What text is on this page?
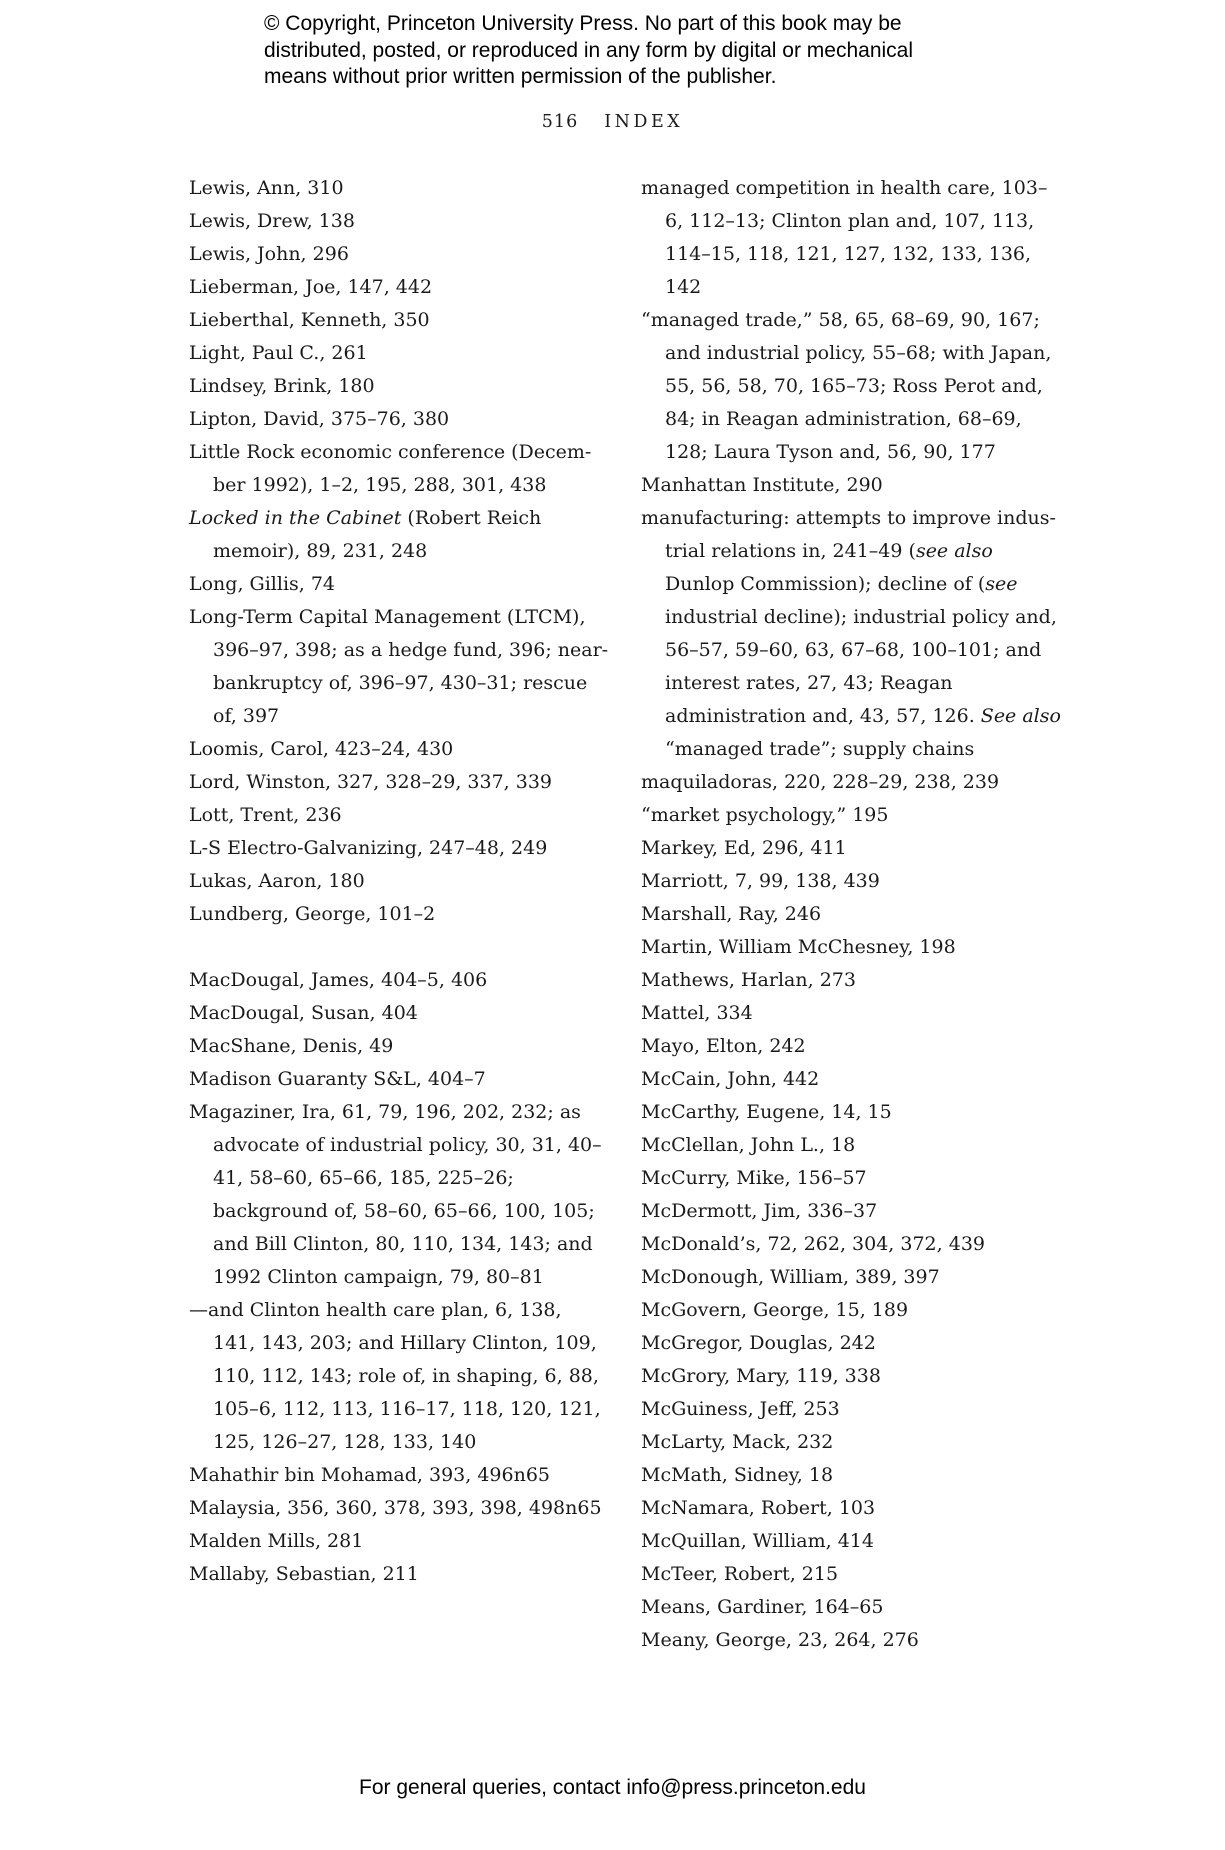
© Copyright, Princeton University Press. No part of this book may be
distributed, posted, or reproduced in any form by digital or mechanical
means without prior written permission of the publisher.
516 INDEX

Lewis, Ann, 310

Lewis, Drew, 138

Lewis, John, 296

Lieberman, Joe, 147, 442

Lieberthal, Kenneth, 350

Light, Paul C., 261

Lindsey, Brink, 180

Lipton, David, 375–76, 380

Little Rock economic conference (December 1992), 1–2, 195, 288, 301, 438

Locked in the Cabinet (Robert Reich memoir), 89, 231, 248

Long, Gillis, 74

Long-Term Capital Management (LTCM), 396–97, 398; as a hedge fund, 396; near-bankruptcy of, 396–97, 430–31; rescue of, 397

Loomis, Carol, 423–24, 430

Lord, Winston, 327, 328–29, 337, 339

Lott, Trent, 236

L-S Electro-Galvanizing, 247–48, 249

Lukas, Aaron, 180

Lundberg, George, 101–2

MacDougal, James, 404–5, 406

MacDougal, Susan, 404

MacShane, Denis, 49

Madison Guaranty S&L, 404–7

Magaziner, Ira, 61, 79, 196, 202, 232; as advocate of industrial policy, 30, 31, 40–41, 58–60, 65–66, 185, 225–26; background of, 58–60, 65–66, 100, 105; and Bill Clinton, 80, 110, 134, 143; and 1992 Clinton campaign, 79, 80–81

—and Clinton health care plan, 6, 138, 141, 143, 203; and Hillary Clinton, 109, 110, 112, 143; role of, in shaping, 6, 88, 105–6, 112, 113, 116–17, 118, 120, 121, 125, 126–27, 128, 133, 140

Mahathir bin Mohamad, 393, 496n65

Malaysia, 356, 360, 378, 393, 398, 498n65

Malden Mills, 281

Mallaby, Sebastian, 211

managed competition in health care, 103–6, 112–13; Clinton plan and, 107, 113, 114–15, 118, 121, 127, 132, 133, 136, 142

“managed trade,” 58, 65, 68–69, 90, 167; and industrial policy, 55–68; with Japan, 55, 56, 58, 70, 165–73; Ross Perot and, 84; in Reagan administration, 68–69, 128; Laura Tyson and, 56, 90, 177

Manhattan Institute, 290

manufacturing: attempts to improve industrial relations in, 241–49 (see also Dunlop Commission); decline of (see industrial decline); industrial policy and, 56–57, 59–60, 63, 67–68, 100–101; and interest rates, 27, 43; Reagan administration and, 43, 57, 126. See also “managed trade”; supply chains

maquiladoras, 220, 228–29, 238, 239

“market psychology,” 195

Markey, Ed, 296, 411

Marriott, 7, 99, 138, 439

Marshall, Ray, 246

Martin, William McChesney, 198

Mathews, Harlan, 273

Mattel, 334

Mayo, Elton, 242

McCain, John, 442

McCarthy, Eugene, 14, 15

McClellan, John L., 18

McCurry, Mike, 156–57

McDermott, Jim, 336–37

McDonald’s, 72, 262, 304, 372, 439

McDonough, William, 389, 397

McGovern, George, 15, 189

McGregor, Douglas, 242

McGrory, Mary, 119, 338

McGuiness, Jeff, 253

McLarty, Mack, 232

McMath, Sidney, 18

McNamara, Robert, 103

McQuillan, William, 414

McTeer, Robert, 215

Means, Gardiner, 164–65

Meany, George, 23, 264, 276

For general queries, contact info@press.princeton.edu
